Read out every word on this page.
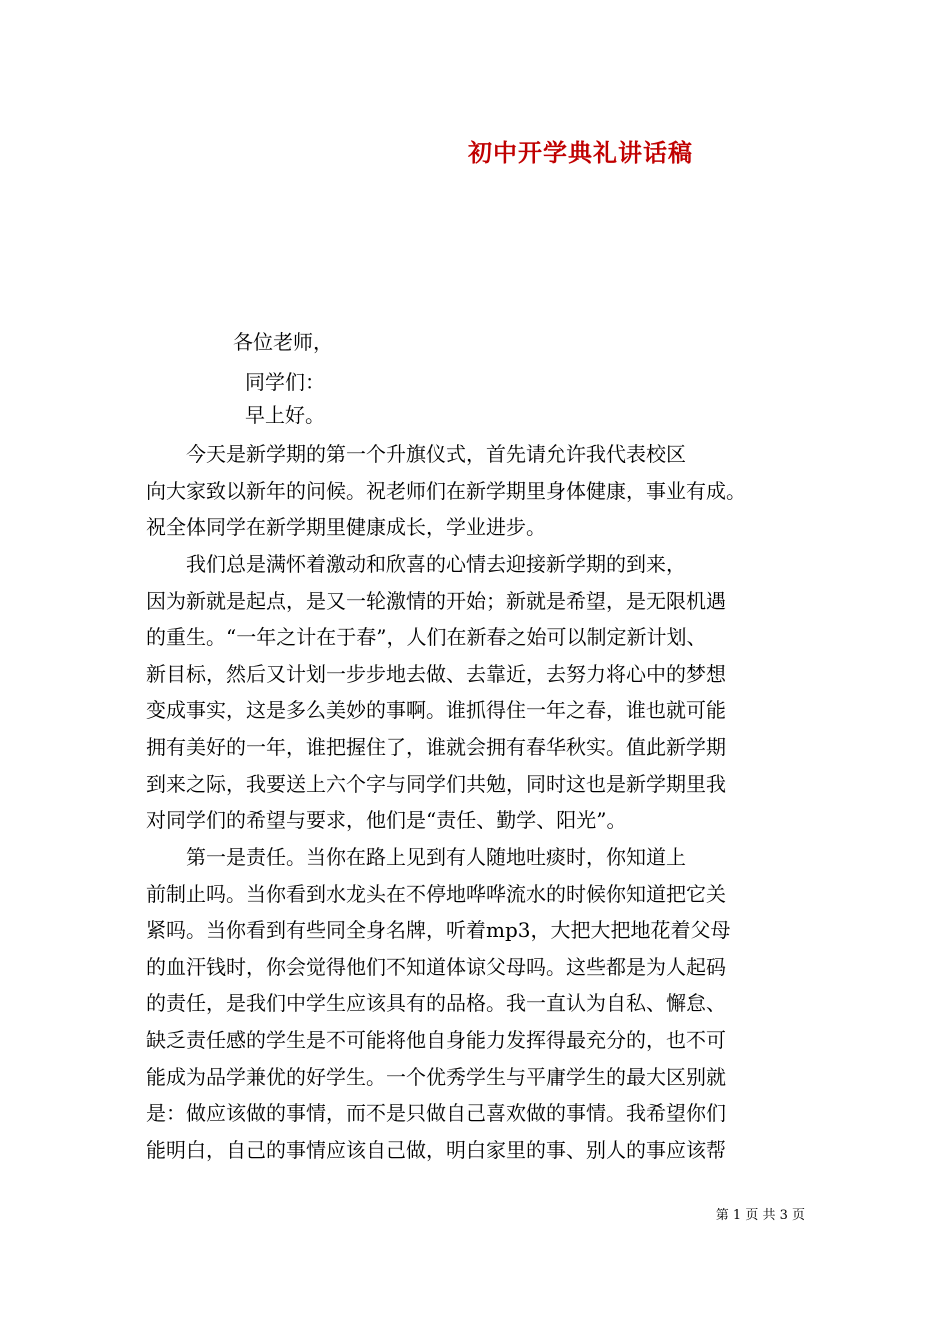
初中开学典礼讲话稿
各位老师，
同学们：
早上好。
　　今天是新学期的第一个升旗仪式，首先请允许我代表校区
向大家致以新年的问候。祝老师们在新学期里身体健康，事业有成。
祝全体同学在新学期里健康成长，学业进步。
　　我们总是满怀着激动和欣喜的心情去迎接新学期的到来，
因为新就是起点，是又一轮激情的开始；新就是希望，是无限机遇
的重生。“一年之计在于春”，人们在新春之始可以制定新计划、
新目标，然后又计划一步步地去做、去靠近，去努力将心中的梦想
变成事实，这是多么美妙的事啊。谁抓得住一年之春，谁也就可能
拥有美好的一年，谁把握住了，谁就会拥有春华秋实。值此新学期
到来之际，我要送上六个字与同学们共勉，同时这也是新学期里我
对同学们的希望与要求，他们是“责任、勤学、阳光”。
　　第一是责任。当你在路上见到有人随地吐痰时，你知道上
前制止吗。当你看到水龙头在不停地哗哗流水的时候你知道把它关
紧吗。当你看到有些同全身名牌，听着mp3，大把大把地花着父母
的血汗钱时，你会觉得他们不知道体谅父母吗。这些都是为人起码
的责任，是我们中学生应该具有的品格。我一直认为自私、懈怠、
缺乏责任感的学生是不可能将他自身能力发挥得最充分的，也不可
能成为品学兼优的好学生。一个优秀学生与平庸学生的最大区别就
是：做应该做的事情，而不是只做自己喜欢做的事情。我希望你们
能明白，自己的事情应该自己做，明白家里的事、别人的事应该帮
第 1 页 共 3 页
